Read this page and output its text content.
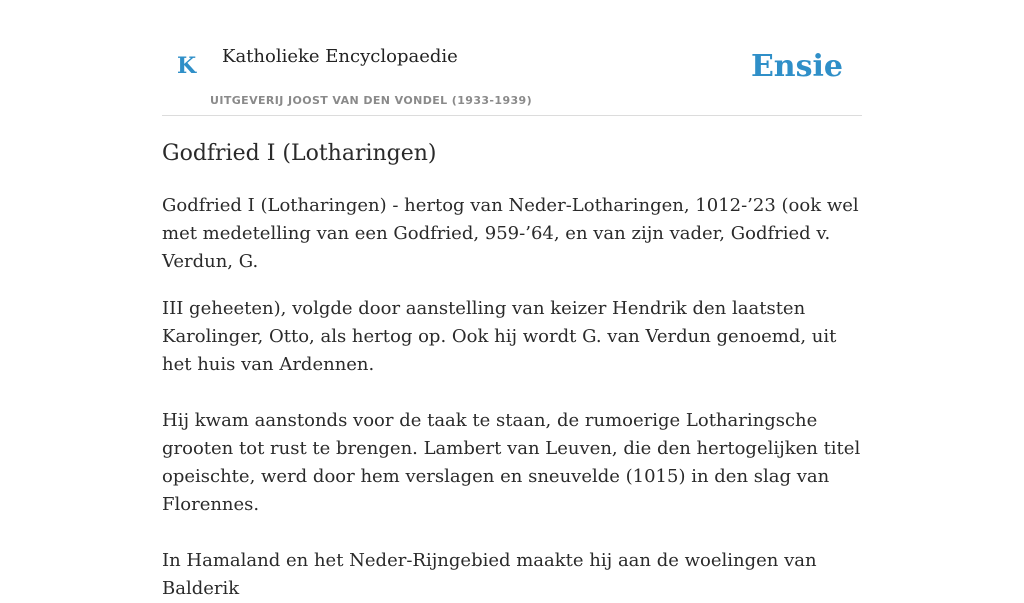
K Katholieke Encyclopaedie
UITGEVERIJ JOOST VAN DEN VONDEL (1933-1939)
Ensie
Godfried I (Lotharingen)

Godfried I (Lotharingen) - hertog van Neder-Lotharingen, 1012-’23 (ook wel met medetelling van een Godfried, 959-’64, en van zijn vader, Godfried v. Verdun, G.

III geheeten), volgde door aanstelling van keizer Hendrik den laatsten Karolinger, Otto, als hertog op. Ook hij wordt G. van Verdun genoemd, uit het huis van Ardennen.

Hij kwam aanstonds voor de taak te staan, de rumoerige Lotharingsche grooten tot rust te brengen. Lambert van Leuven, die den hertogelijken titel opeischte, werd door hem verslagen en sneuvelde (1015) in den slag van Florennes.

In Hamaland en het Neder-Rijngebied maakte hij aan de woelingen van Balderik
